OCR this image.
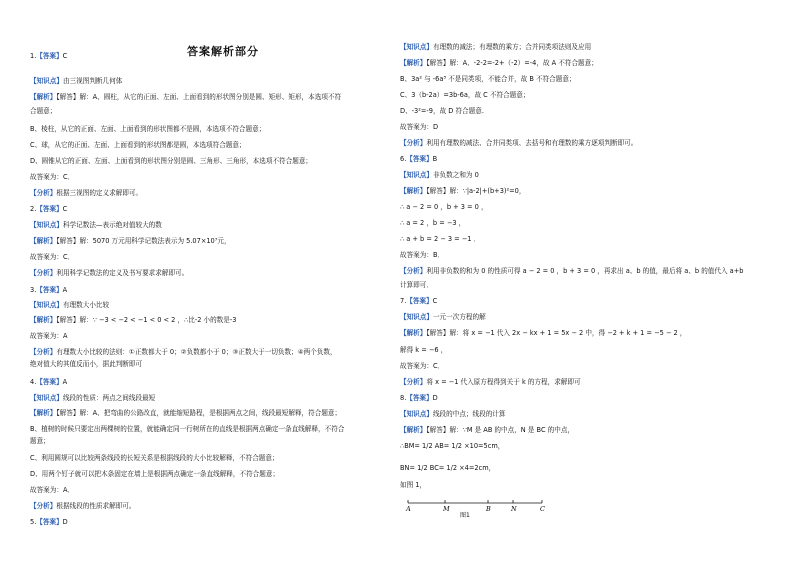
答案解析部分
1.【答案】C
【知识点】由三视图判断几何体
【解析】【解答】解：A、圆柱，从它的正面、左面、上面看到的形状图分别是圆、矩形、矩形，本选项不符
合题意；
B、棱柱，从它的正面、左面、上面看到的形状图都不是圆，本选项不符合题意；
C、球，从它的正面、左面、上面看到的形状图都是圆，本选项符合题意；
D、圆锥从它的正面、左面、上面看到的形状图分别是圆、三角形、三角形，本选项不符合题意；
故答案为：C．
【分析】根据三视图的定义求解即可。
2.【答案】C
【知识点】科学记数法—表示绝对值较大的数
【解析】【解答】解：5070 万元用科学记数法表示为 5.07×10⁷元，
故答案为：C．
【分析】利用科学记数法的定义及书写要求求解即可。
3.【答案】A
【知识点】有理数大小比较
【解析】【解答】解：∵ −3 < −2 < −1 < 0 < 2 ，∴比-2 小的数是-3
故答案为：A
【分析】有理数大小比较的法则：①正数都大于 0；②负数都小于 0；③正数大于一切负数；④两个负数，
绝对值大的其值反而小，据此判断即可
4.【答案】A
【知识点】线段的性质：两点之间线段最短
【解析】【解答】解：A、把弯曲的公路改直，就能缩短路程，是根据两点之间，线段最短解释，符合题意；
B、植树的时候只要定出两棵树的位置，就能确定同一行树所在的直线是根据两点确定一条直线解释，不符合
题意；
C、利用圆规可以比较两条线段的长短关系是根据线段的大小比较解释，不符合题意；
D、用两个钉子就可以把木条固定在墙上是根据两点确定一条直线解释，不符合题意；
故答案为：A．
【分析】根据线段的性质求解即可。
5.【答案】D
A	M	B	N	C
图1
【知识点】有理数的减法；有理数的乘方；合并同类项法则及应用
【解析】【解答】解：A、-2-2=-2+（-2）=-4，故 A 不符合题意；
B、3a² 与 -6a³ 不是同类项，不能合并，故 B 不符合题意；
C、3（b-2a）=3b-6a，故 C 不符合题意；
D、-3²=-9，故 D 符合题意.
故答案为：D
【分析】利用有理数的减法、合并同类项、去括号和有理数的乘方逐项判断即可。
6.【答案】B
【知识点】非负数之和为 0
【解析】【解答】解：∵|a-2|+(b+3)²=0，
∴ a − 2 = 0 ，b + 3 = 0 ，
∴ a = 2 ，b = −3 ，
∴ a + b = 2 − 3 = −1 ．
故答案为：B．
【分析】利用非负数的和为 0 的性质可得 a − 2 = 0 ，b + 3 = 0 ，再求出 a、b 的值，最后将 a、b 的值代入 a+b
计算即可．
7.【答案】C
【知识点】一元一次方程的解
【解析】【解答】解：将 x = −1 代入 2x − kx + 1 = 5x − 2 中，得 −2 + k + 1 = −5 − 2 ，
解得 k = −6 ，
故答案为：C．
【分析】将 x = −1 代入原方程得到关于 k 的方程，求解即可
8.【答案】D
【知识点】线段的中点；线段的计算
【解析】【解答】解：∵M 是 AB 的中点，N 是 BC 的中点，
∴BM= 1/2 AB= 1/2 ×10=5cm，
BN= 1/2 BC= 1/2 ×4=2cm，
如图 1，
